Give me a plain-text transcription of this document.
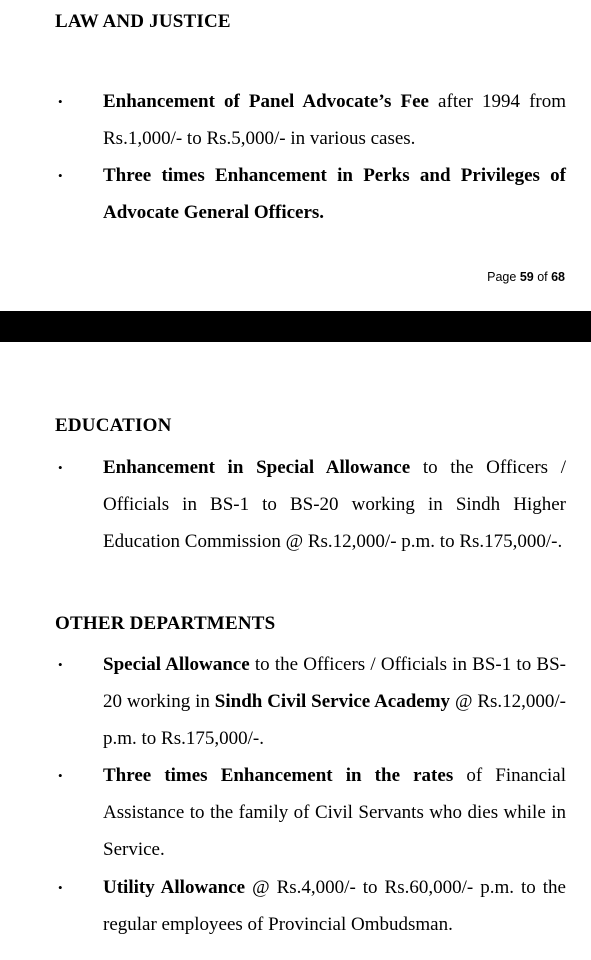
LAW AND JUSTICE
• Enhancement of Panel Advocate’s Fee after 1994 from Rs.1,000/- to Rs.5,000/- in various cases.
• Three times Enhancement in Perks and Privileges of Advocate General Officers.
Page 59 of 68
EDUCATION
• Enhancement in Special Allowance to the Officers / Officials in BS-1 to BS-20 working in Sindh Higher Education Commission @ Rs.12,000/- p.m. to Rs.175,000/-.
OTHER DEPARTMENTS
• Special Allowance to the Officers / Officials in BS-1 to BS-20 working in Sindh Civil Service Academy @ Rs.12,000/- p.m. to Rs.175,000/-.
• Three times Enhancement in the rates of Financial Assistance to the family of Civil Servants who dies while in Service.
• Utility Allowance @ Rs.4,000/- to Rs.60,000/- p.m. to the regular employees of Provincial Ombudsman.
